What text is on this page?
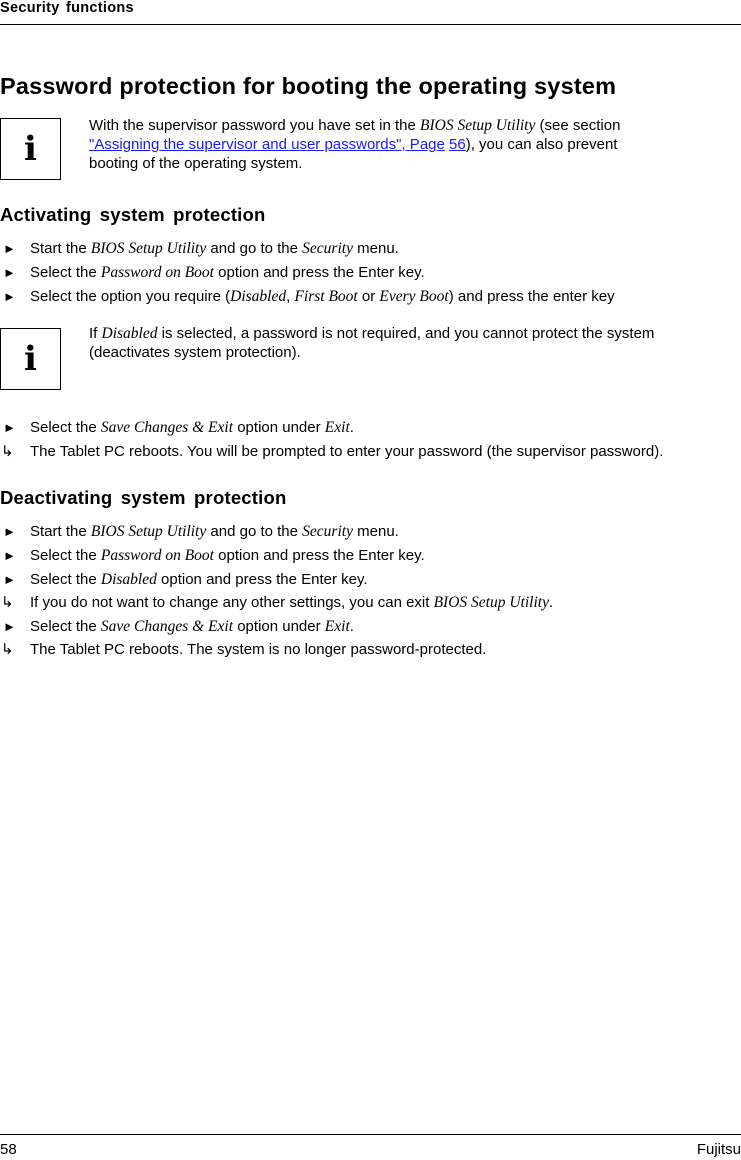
Security functions
Password protection for booting the operating system
i

With the supervisor password you have set in the BIOS Setup Utility (see section "Assigning the supervisor and user passwords", Page 56), you can also prevent booting of the operating system.

Activating system protection
► Start the BIOS Setup Utility and go to the Security menu.
► Select the Password on Boot option and press the Enter key.
► Select the option you require (Disabled, First Boot or Every Boot) and press the enter key
i

If Disabled is selected, a password is not required, and you cannot protect the system (deactivates system protection).

► Select the Save Changes & Exit option under Exit.
↳ The Tablet PC reboots. You will be prompted to enter your password (the supervisor password).
Deactivating system protection
► Start the BIOS Setup Utility and go to the Security menu.
► Select the Password on Boot option and press the Enter key.
► Select the Disabled option and press the Enter key.
↳ If you do not want to change any other settings, you can exit BIOS Setup Utility.
► Select the Save Changes & Exit option under Exit.
↳ The Tablet PC reboots. The system is no longer password-protected.
58	Fujitsu
